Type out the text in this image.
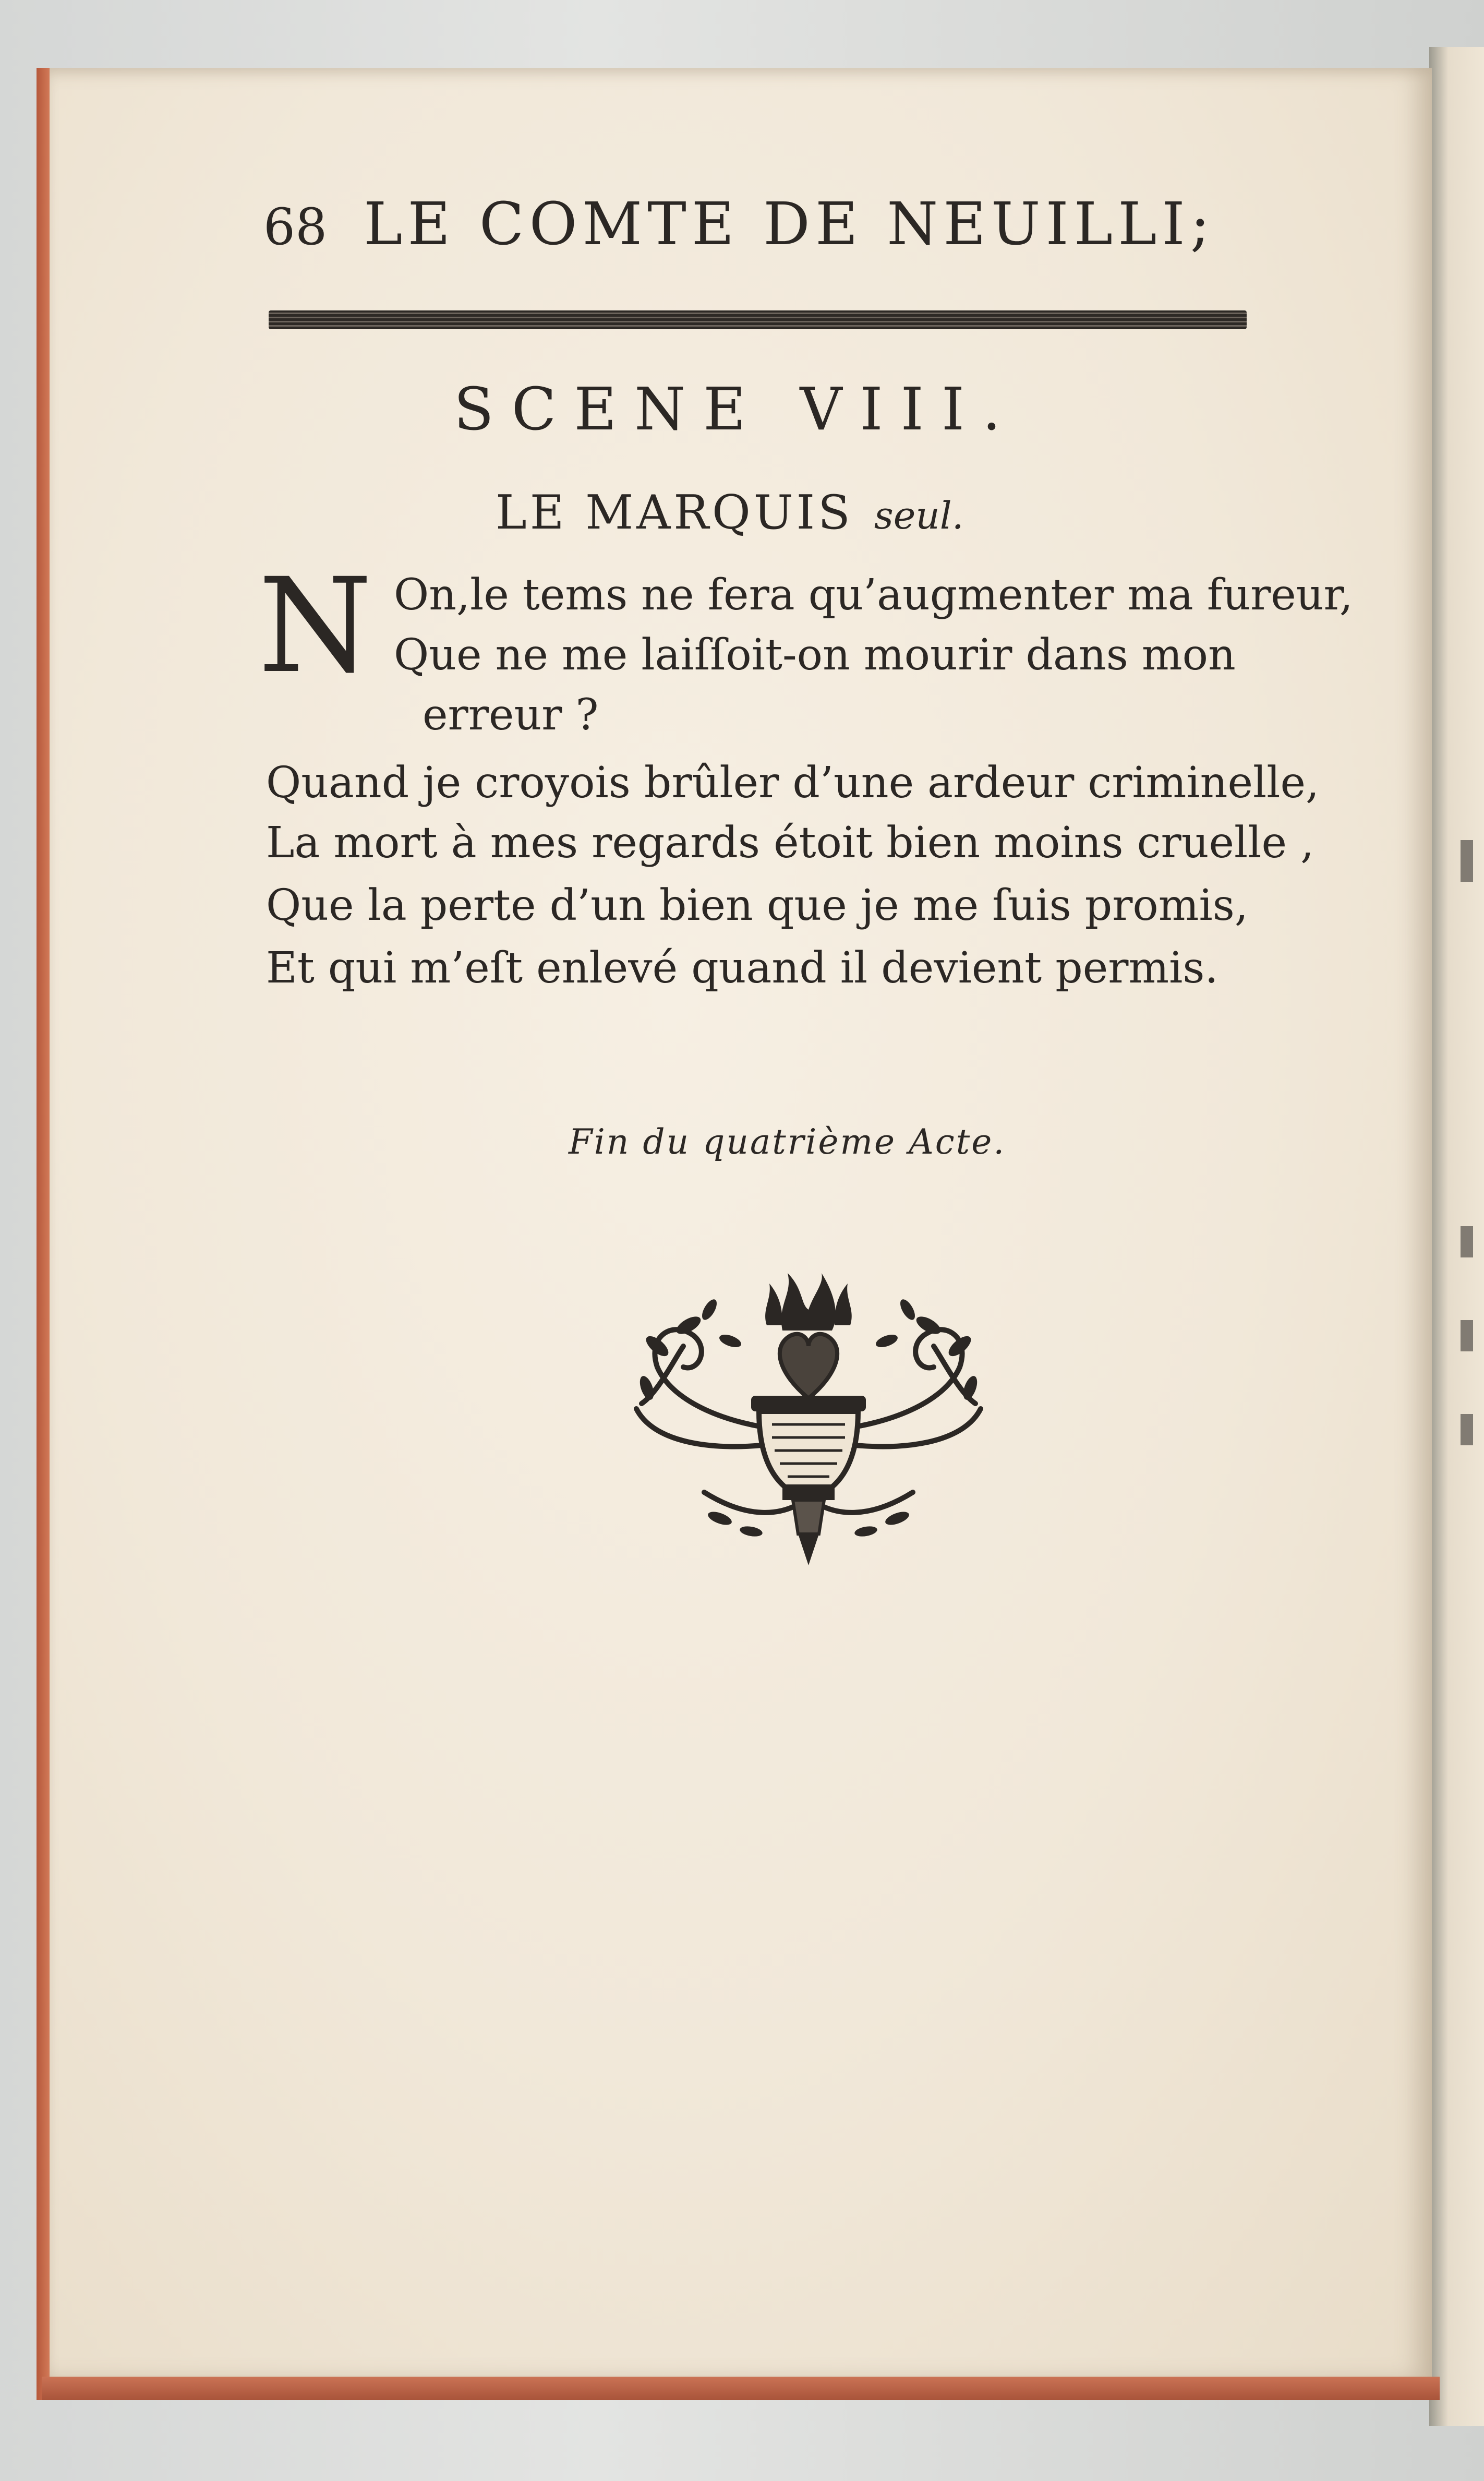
68 LE COMTE DE NEUILLI;
SCENE VIII.
LE MARQUIS seul.
N On,le tems ne fera qu’augmenter ma fureur,
Que ne me laiſſoit-on mourir dans mon
erreur ?
Quand je croyois brûler d’une ardeur criminelle,
La mort à mes regards étoit bien moins cruelle ,
Que la perte d’un bien que je me ſuis promis,
Et qui m’eſt enlevé quand il devient permis.
Fin du quatrième Acte.
